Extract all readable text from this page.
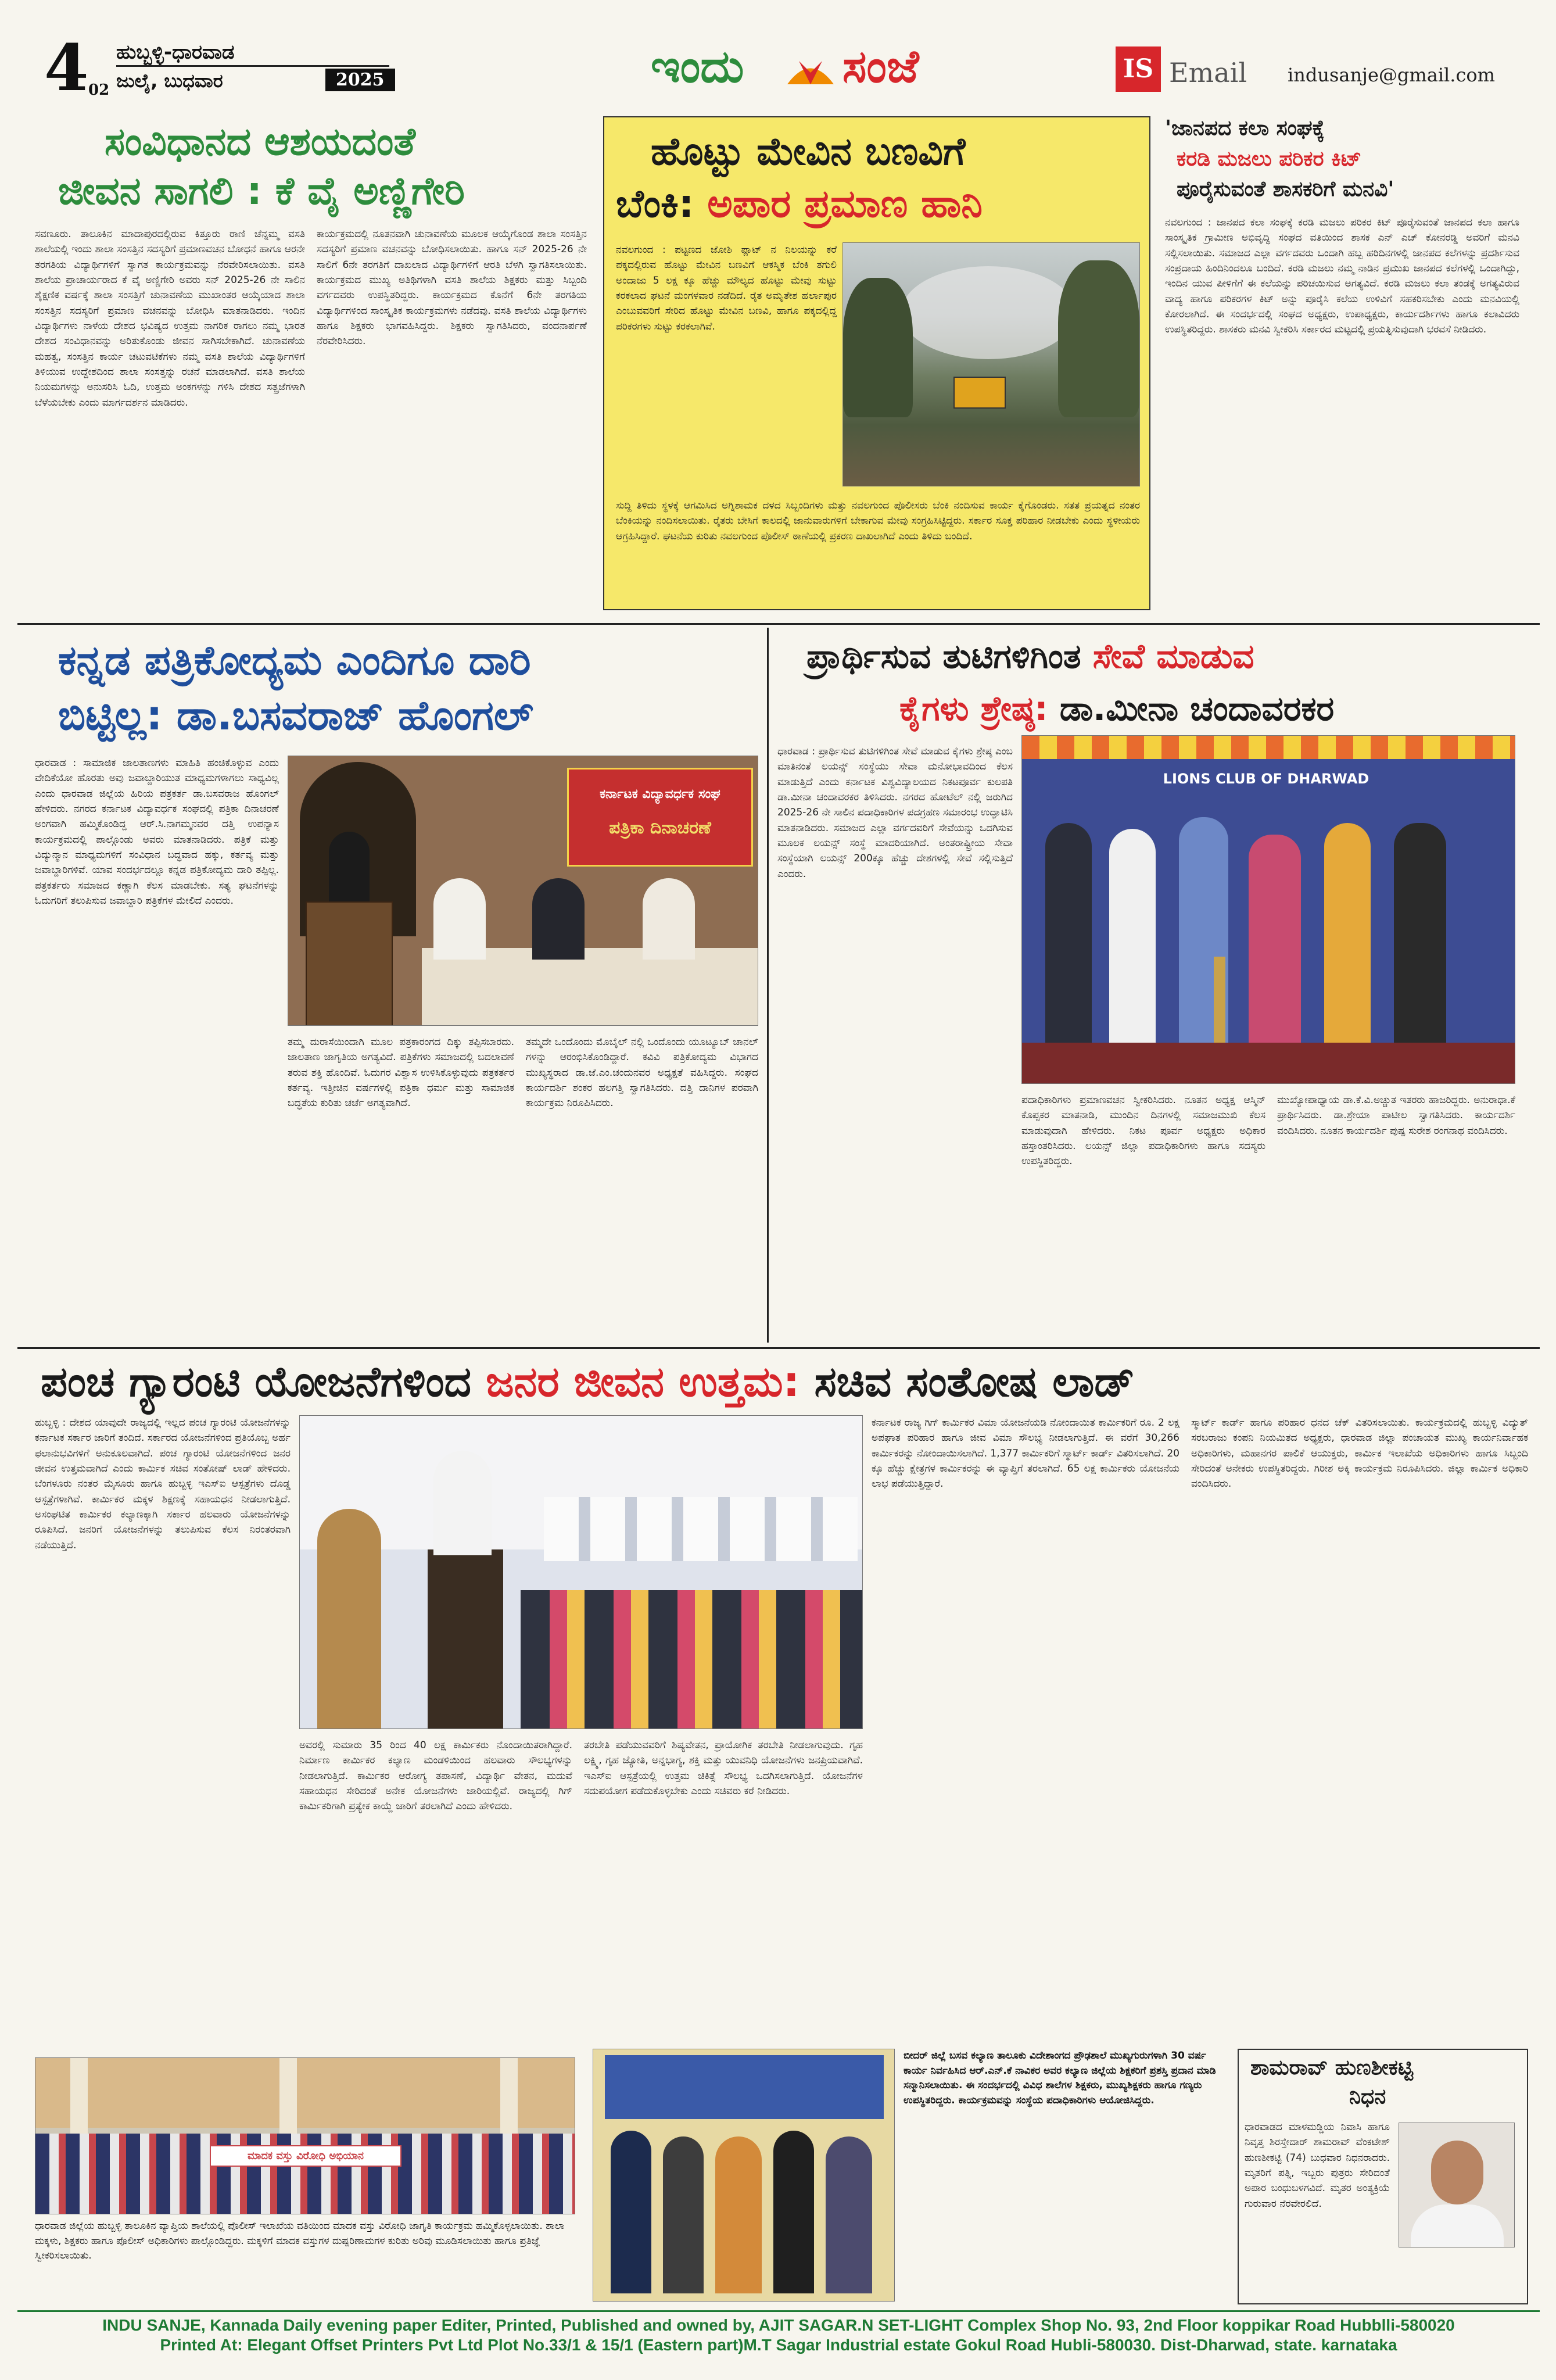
4 02
ಹುಬ್ಬಳ್ಳಿ-ಧಾರವಾಡ
ಜುಲೈ, ಬುಧವಾರ	2025	ಇಂದು ಸಂಜೆ	IS Email indusanje@gmail.com
ಸಂವಿಧಾನದ ಆಶಯದಂತೆ
ಜೀವನ ಸಾಗಲಿ : ಕೆ ವೈ ಅಣ್ಣಿಗೇರಿ
ಸವಣೂರು. ತಾಲೂಕಿನ ಮಾದಾಪುರದಲ್ಲಿರುವ ಕಿತ್ತೂರು ರಾಣಿ ಚೆನ್ನಮ್ಮ ವಸತಿ ಶಾಲೆಯಲ್ಲಿ ಇಂದು ಶಾಲಾ ಸಂಸತ್ತಿನ ಸದಸ್ಯರಿಗೆ ಪ್ರಮಾಣವಚನ ಬೋಧನೆ ಹಾಗೂ ಆರನೇ ತರಗತಿಯ ವಿದ್ಯಾರ್ಥಿಗಳಿಗೆ ಸ್ವಾಗತ ಕಾರ್ಯಕ್ರಮವನ್ನು ನೆರವೇರಿಸಲಾಯಿತು. ವಸತಿ ಶಾಲೆಯ ಪ್ರಾಚಾರ್ಯರಾದ ಕೆ ವೈ ಅಣ್ಣಿಗೇರಿ ಅವರು ಸನ್ 2025-26 ನೇ ಸಾಲಿನ ಶೈಕ್ಷಣಿಕ ವರ್ಷಕ್ಕೆ ಶಾಲಾ ಸಂಸತ್ತಿಗೆ ಚುನಾವಣೆಯ ಮುಖಾಂತರ ಆಯ್ಕೆಯಾದ ಶಾಲಾ ಸಂಸತ್ತಿನ ಸದಸ್ಯರಿಗೆ ಪ್ರಮಾಣ ವಚನವನ್ನು ಬೋಧಿಸಿ ಮಾತನಾಡಿದರು. ಇಂದಿನ ವಿದ್ಯಾರ್ಥಿಗಳು ನಾಳೆಯ ದೇಶದ ಭವಿಷ್ಯದ ಉತ್ತಮ ನಾಗರಿಕ ರಾಗಲು ನಮ್ಮ ಭಾರತ ದೇಶದ ಸಂವಿಧಾನವನ್ನು ಅರಿತುಕೊಂಡು ಜೀವನ ಸಾಗಿಸಬೇಕಾಗಿದೆ. ಚುನಾವಣೆಯ ಮಹತ್ವ, ಸಂಸತ್ತಿನ ಕಾರ್ಯ ಚಟುವಟಿಕೆಗಳು ನಮ್ಮ ವಸತಿ ಶಾಲೆಯ ವಿದ್ಯಾರ್ಥಿಗಳಿಗೆ ತಿಳಿಯುವ ಉದ್ದೇಶದಿಂದ ಶಾಲಾ ಸಂಸತ್ತನ್ನು ರಚನೆ ಮಾಡಲಾಗಿದೆ. ವಸತಿ ಶಾಲೆಯ ನಿಯಮಗಳನ್ನು ಅನುಸರಿಸಿ ಓದಿ, ಉತ್ತಮ ಅಂಕಗಳನ್ನು ಗಳಿಸಿ ದೇಶದ ಸತ್ಪ್ರಜೆಗಳಾಗಿ ಬೆಳೆಯಬೇಕು ಎಂದು ಮಾರ್ಗದರ್ಶನ ಮಾಡಿದರು.
ಕಾರ್ಯಕ್ರಮದಲ್ಲಿ ನೂತನವಾಗಿ ಚುನಾವಣೆಯ ಮೂಲಕ ಆಯ್ಕೆಗೊಂಡ ಶಾಲಾ ಸಂಸತ್ತಿನ ಸದಸ್ಯರಿಗೆ ಪ್ರಮಾಣ ವಚನವನ್ನು ಬೋಧಿಸಲಾಯಿತು. ಹಾಗೂ ಸನ್ 2025-26 ನೇ ಸಾಲಿಗೆ 6ನೇ ತರಗತಿಗೆ ದಾಖಲಾದ ವಿದ್ಯಾರ್ಥಿಗಳಿಗೆ ಆರತಿ ಬೆಳಗಿ ಸ್ವಾಗತಿಸಲಾಯಿತು. ಕಾರ್ಯಕ್ರಮದ ಮುಖ್ಯ ಅತಿಥಿಗಳಾಗಿ ವಸತಿ ಶಾಲೆಯ ಶಿಕ್ಷಕರು ಮತ್ತು ಸಿಬ್ಬಂದಿ ವರ್ಗದವರು ಉಪಸ್ಥಿತರಿದ್ದರು. ಕಾರ್ಯಕ್ರಮದ ಕೊನೆಗೆ 6ನೇ ತರಗತಿಯ ವಿದ್ಯಾರ್ಥಿಗಳಿಂದ ಸಾಂಸ್ಕೃತಿಕ ಕಾರ್ಯಕ್ರಮಗಳು ನಡೆದವು. ವಸತಿ ಶಾಲೆಯ ವಿದ್ಯಾರ್ಥಿಗಳು ಹಾಗೂ ಶಿಕ್ಷಕರು ಭಾಗವಹಿಸಿದ್ದರು. ಶಿಕ್ಷಕರು ಸ್ವಾಗತಿಸಿದರು, ವಂದನಾರ್ಪಣೆ ನೆರವೇರಿಸಿದರು.
ಹೊಟ್ಟು ಮೇವಿನ ಬಣವಿಗೆ
ಬೆಂಕಿ: ಅಪಾರ ಪ್ರಮಾಣ ಹಾನಿ
ನವಲಗುಂದ : ಪಟ್ಟಣದ ಜೋಶಿ ಪ್ಲಾಟ್ ನ ನಿಲಯನ್ನು ಕರೆ ಪಕ್ಕದಲ್ಲಿರುವ ಹೊಟ್ಟು ಮೇವಿನ ಬಣವಿಗೆ ಆಕಸ್ಮಿಕ ಬೆಂಕಿ ತಗುಲಿ ಅಂದಾಜು 5 ಲಕ್ಷ ಕ್ಕೂ ಹೆಚ್ಚು ಮೌಲ್ಯದ ಹೊಟ್ಟು ಮೇವು ಸುಟ್ಟು ಕರಕಲಾದ ಘಟನೆ ಮಂಗಳವಾರ ನಡೆದಿದೆ. ರೈತ ಅಮೃತೇಶ ಹರ್ಲಾಪುರ ಎಂಬುವವರಿಗೆ ಸೇರಿದ ಹೊಟ್ಟು ಮೇವಿನ ಬಣವಿ, ಹಾಗೂ ಪಕ್ಕದಲ್ಲಿದ್ದ ಪರಿಕರಗಳು ಸುಟ್ಟು ಕರಕಲಾಗಿವೆ.
ಸುದ್ದಿ ತಿಳಿದು ಸ್ಥಳಕ್ಕೆ ಆಗಮಿಸಿದ ಅಗ್ನಿಶಾಮಕ ದಳದ ಸಿಬ್ಬಂದಿಗಳು ಮತ್ತು ನವಲಗುಂದ ಪೊಲೀಸರು ಬೆಂಕಿ ನಂದಿಸುವ ಕಾರ್ಯ ಕೈಗೊಂಡರು. ಸತತ ಪ್ರಯತ್ನದ ನಂತರ ಬೆಂಕಿಯನ್ನು ನಂದಿಸಲಾಯಿತು. ರೈತರು ಬೇಸಿಗೆ ಕಾಲದಲ್ಲಿ ಜಾನುವಾರುಗಳಿಗೆ ಬೇಕಾಗುವ ಮೇವು ಸಂಗ್ರಹಿಸಿಟ್ಟಿದ್ದರು. ಸರ್ಕಾರ ಸೂಕ್ತ ಪರಿಹಾರ ನೀಡಬೇಕು ಎಂದು ಸ್ಥಳೀಯರು ಆಗ್ರಹಿಸಿದ್ದಾರೆ. ಘಟನೆಯ ಕುರಿತು ನವಲಗುಂದ ಪೊಲೀಸ್ ಠಾಣೆಯಲ್ಲಿ ಪ್ರಕರಣ ದಾಖಲಾಗಿದೆ ಎಂದು ತಿಳಿದು ಬಂದಿದೆ.
'ಜಾನಪದ ಕಲಾ ಸಂಘಕ್ಕೆ
ಕರಡಿ ಮಜಲು ಪರಿಕರ ಕಿಟ್
ಪೂರೈಸುವಂತೆ ಶಾಸಕರಿಗೆ ಮನವಿ'
ನವಲಗುಂದ : ಜಾನಪದ ಕಲಾ ಸಂಘಕ್ಕೆ ಕರಡಿ ಮಜಲು ಪರಿಕರ ಕಿಟ್ ಪೂರೈಸುವಂತೆ ಜಾನಪದ ಕಲಾ ಹಾಗೂ ಸಾಂಸ್ಕೃತಿಕ ಗ್ರಾಮೀಣ ಅಭಿವೃದ್ಧಿ ಸಂಘದ ವತಿಯಿಂದ ಶಾಸಕ ಎನ್ ಎಚ್ ಕೋನರಡ್ಡಿ ಅವರಿಗೆ ಮನವಿ ಸಲ್ಲಿಸಲಾಯಿತು. ಸಮಾಜದ ಎಲ್ಲಾ ವರ್ಗದವರು ಒಂದಾಗಿ ಹಬ್ಬ ಹರಿದಿನಗಳಲ್ಲಿ ಜಾನಪದ ಕಲೆಗಳನ್ನು ಪ್ರದರ್ಶಿಸುವ ಸಂಪ್ರದಾಯ ಹಿಂದಿನಿಂದಲೂ ಬಂದಿದೆ. ಕರಡಿ ಮಜಲು ನಮ್ಮ ನಾಡಿನ ಪ್ರಮುಖ ಜಾನಪದ ಕಲೆಗಳಲ್ಲಿ ಒಂದಾಗಿದ್ದು, ಇಂದಿನ ಯುವ ಪೀಳಿಗೆಗೆ ಈ ಕಲೆಯನ್ನು ಪರಿಚಯಿಸುವ ಅಗತ್ಯವಿದೆ. ಕರಡಿ ಮಜಲು ಕಲಾ ತಂಡಕ್ಕೆ ಅಗತ್ಯವಿರುವ ವಾದ್ಯ ಹಾಗೂ ಪರಿಕರಗಳ ಕಿಟ್ ಅನ್ನು ಪೂರೈಸಿ ಕಲೆಯ ಉಳಿವಿಗೆ ಸಹಕರಿಸಬೇಕು ಎಂದು ಮನವಿಯಲ್ಲಿ ಕೋರಲಾಗಿದೆ. ಈ ಸಂದರ್ಭದಲ್ಲಿ ಸಂಘದ ಅಧ್ಯಕ್ಷರು, ಉಪಾಧ್ಯಕ್ಷರು, ಕಾರ್ಯದರ್ಶಿಗಳು ಹಾಗೂ ಕಲಾವಿದರು ಉಪಸ್ಥಿತರಿದ್ದರು. ಶಾಸಕರು ಮನವಿ ಸ್ವೀಕರಿಸಿ ಸರ್ಕಾರದ ಮಟ್ಟದಲ್ಲಿ ಪ್ರಯತ್ನಿಸುವುದಾಗಿ ಭರವಸೆ ನೀಡಿದರು.
ಕನ್ನಡ ಪತ್ರಿಕೋದ್ಯಮ ಎಂದಿಗೂ ದಾರಿ
ಬಿಟ್ಟಿಲ್ಲ: ಡಾ.ಬಸವರಾಜ್ ಹೊಂಗಲ್
ಧಾರವಾಡ : ಸಾಮಾಜಿಕ ಜಾಲತಾಣಗಳು ಮಾಹಿತಿ ಹಂಚಿಕೊಳ್ಳುವ ಎಂದು ವೇದಿಕೆಯೋ ಹೊರತು ಅವು ಜವಾಬ್ದಾರಿಯುತ ಮಾಧ್ಯಮಗಳಾಗಲು ಸಾಧ್ಯವಿಲ್ಲ ಎಂದು ಧಾರವಾಡ ಜಿಲ್ಲೆಯ ಹಿರಿಯ ಪತ್ರಕರ್ತ ಡಾ.ಬಸವರಾಜ ಹೊಂಗಲ್ ಹೇಳಿದರು. ನಗರದ ಕರ್ನಾಟಕ ವಿದ್ಯಾವರ್ಧಕ ಸಂಘದಲ್ಲಿ ಪತ್ರಿಕಾ ದಿನಾಚರಣೆ ಅಂಗವಾಗಿ ಹಮ್ಮಿಕೊಂಡಿದ್ದ ಆರ್.ಸಿ.ನಾಗಮ್ಮನವರ ದತ್ತಿ ಉಪನ್ಯಾಸ ಕಾರ್ಯಕ್ರಮದಲ್ಲಿ ಪಾಲ್ಗೊಂಡು ಅವರು ಮಾತನಾಡಿದರು. ಪತ್ರಿಕೆ ಮತ್ತು ವಿದ್ಯುನ್ಮಾನ ಮಾಧ್ಯಮಗಳಿಗೆ ಸಂವಿಧಾನ ಬದ್ಧವಾದ ಹಕ್ಕು, ಕರ್ತವ್ಯ ಮತ್ತು ಜವಾಬ್ದಾರಿಗಳಿವೆ. ಯಾವ ಸಂದರ್ಭದಲ್ಲೂ ಕನ್ನಡ ಪತ್ರಿಕೋದ್ಯಮ ದಾರಿ ತಪ್ಪಿಲ್ಲ. ಪತ್ರಕರ್ತರು ಸಮಾಜದ ಕಣ್ಣಾಗಿ ಕೆಲಸ ಮಾಡಬೇಕು. ಸತ್ಯ ಘಟನೆಗಳನ್ನು ಓದುಗರಿಗೆ ತಲುಪಿಸುವ ಜವಾಬ್ದಾರಿ ಪತ್ರಿಕೆಗಳ ಮೇಲಿದೆ ಎಂದರು.
ಕರ್ನಾಟಕ ವಿದ್ಯಾವರ್ಧಕ ಸಂಘ
ಪತ್ರಿಕಾ ದಿನಾಚರಣೆ
ತಮ್ಮ ದುರಾಸೆಯಿಂದಾಗಿ ಮೂಲ ಪತ್ರಕಾರಂಗದ ದಿಕ್ಕು ತಪ್ಪಿಸಬಾರದು. ಜಾಲತಾಣ ಜಾಗೃತಿಯ ಅಗತ್ಯವಿದೆ. ಪತ್ರಿಕೆಗಳು ಸಮಾಜದಲ್ಲಿ ಬದಲಾವಣೆ ತರುವ ಶಕ್ತಿ ಹೊಂದಿವೆ. ಓದುಗರ ವಿಶ್ವಾಸ ಉಳಿಸಿಕೊಳ್ಳುವುದು ಪತ್ರಕರ್ತರ ಕರ್ತವ್ಯ. ಇತ್ತೀಚಿನ ವರ್ಷಗಳಲ್ಲಿ ಪತ್ರಿಕಾ ಧರ್ಮ ಮತ್ತು ಸಾಮಾಜಿಕ ಬದ್ಧತೆಯ ಕುರಿತು ಚರ್ಚೆ ಅಗತ್ಯವಾಗಿದೆ.
ತಮ್ಮದೇ ಒಂದೊಂದು ಮೊಬೈಲ್ ನಲ್ಲಿ ಒಂದೊಂದು ಯೂಟ್ಯೂಬ್ ಚಾನಲ್ ಗಳನ್ನು ಆರಂಭಿಸಿಕೊಂಡಿದ್ದಾರೆ. ಕವಿವಿ ಪತ್ರಿಕೋದ್ಯಮ ವಿಭಾಗದ ಮುಖ್ಯಸ್ಥರಾದ ಡಾ.ಜೆ.ಎಂ.ಚಂದುನವರ ಅಧ್ಯಕ್ಷತೆ ವಹಿಸಿದ್ದರು. ಸಂಘದ ಕಾರ್ಯದರ್ಶಿ ಶಂಕರ ಹಲಗತ್ತಿ ಸ್ವಾಗತಿಸಿದರು. ದತ್ತಿ ದಾನಿಗಳ ಪರವಾಗಿ ಕಾರ್ಯಕ್ರಮ ನಿರೂಪಿಸಿದರು.
ಪ್ರಾರ್ಥಿಸುವ ತುಟಿಗಳಿಗಿಂತ ಸೇವೆ ಮಾಡುವ
ಕೈಗಳು ಶ್ರೇಷ್ಠ: ಡಾ.ಮೀನಾ ಚಂದಾವರಕರ
ಧಾರವಾಡ : ಪ್ರಾರ್ಥಿಸುವ ತುಟಿಗಳಿಗಿಂತ ಸೇವೆ ಮಾಡುವ ಕೈಗಳು ಶ್ರೇಷ್ಠ ಎಂಬ ಮಾತಿನಂತೆ ಲಯನ್ಸ್ ಸಂಸ್ಥೆಯು ಸೇವಾ ಮನೋಭಾವದಿಂದ ಕೆಲಸ ಮಾಡುತ್ತಿದೆ ಎಂದು ಕರ್ನಾಟಕ ವಿಶ್ವವಿದ್ಯಾಲಯದ ನಿಕಟಪೂರ್ವ ಕುಲಪತಿ ಡಾ.ಮೀನಾ ಚಂದಾವರಕರ ತಿಳಿಸಿದರು. ನಗರದ ಹೋಟೆಲ್ ನಲ್ಲಿ ಜರುಗಿದ 2025-26 ನೇ ಸಾಲಿನ ಪದಾಧಿಕಾರಿಗಳ ಪದಗ್ರಹಣ ಸಮಾರಂಭ ಉದ್ಘಾಟಿಸಿ ಮಾತನಾಡಿದರು. ಸಮಾಜದ ಎಲ್ಲಾ ವರ್ಗದವರಿಗೆ ಸೇವೆಯನ್ನು ಒದಗಿಸುವ ಮೂಲಕ ಲಯನ್ಸ್ ಸಂಸ್ಥೆ ಮಾದರಿಯಾಗಿದೆ. ಅಂತರಾಷ್ಟ್ರೀಯ ಸೇವಾ ಸಂಸ್ಥೆಯಾಗಿ ಲಯನ್ಸ್ 200ಕ್ಕೂ ಹೆಚ್ಚು ದೇಶಗಳಲ್ಲಿ ಸೇವೆ ಸಲ್ಲಿಸುತ್ತಿದೆ ಎಂದರು.
LIONS CLUB OF DHARWAD
ಪದಾಧಿಕಾರಿಗಳು ಪ್ರಮಾಣವಚನ ಸ್ವೀಕರಿಸಿದರು. ನೂತನ ಅಧ್ಯಕ್ಷ ಆಸ್ಮಿನ್ ಕೊಪ್ಪಕರ ಮಾತನಾಡಿ, ಮುಂದಿನ ದಿನಗಳಲ್ಲಿ ಸಮಾಜಮುಖಿ ಕೆಲಸ ಮಾಡುವುದಾಗಿ ಹೇಳಿದರು. ನಿಕಟ ಪೂರ್ವ ಅಧ್ಯಕ್ಷರು ಅಧಿಕಾರ ಹಸ್ತಾಂತರಿಸಿದರು. ಲಯನ್ಸ್ ಜಿಲ್ಲಾ ಪದಾಧಿಕಾರಿಗಳು ಹಾಗೂ ಸದಸ್ಯರು ಉಪಸ್ಥಿತರಿದ್ದರು.
ಮುಖ್ಯೋಪಾಧ್ಯಾಯ ಡಾ.ಕೆ.ವಿ.ಅಚ್ಚುತ ಇತರರು ಹಾಜರಿದ್ದರು. ಅನುರಾಧಾ.ಕೆ ಪ್ರಾರ್ಥಿಸಿದರು. ಡಾ.ಶ್ರೇಯಾ ಪಾಟೀಲ ಸ್ವಾಗತಿಸಿದರು. ಕಾರ್ಯದರ್ಶಿ ವಂದಿಸಿದರು. ನೂತನ ಕಾರ್ಯದರ್ಶಿ ಪುಷ್ಪ ಸುರೇಶ ರಂಗನಾಥ ವಂದಿಸಿದರು.
ಪಂಚ ಗ್ಯಾರಂಟಿ ಯೋಜನೆಗಳಿಂದ ಜನರ ಜೀವನ ಉತ್ತಮ: ಸಚಿವ ಸಂತೋಷ ಲಾಡ್
ಹುಬ್ಬಳ್ಳಿ : ದೇಶದ ಯಾವುದೇ ರಾಜ್ಯದಲ್ಲಿ ಇಲ್ಲದ ಪಂಚ ಗ್ಯಾರಂಟಿ ಯೋಜನೆಗಳನ್ನು ಕರ್ನಾಟಕ ಸರ್ಕಾರ ಜಾರಿಗೆ ತಂದಿದೆ. ಸರ್ಕಾರದ ಯೋಜನೆಗಳಿಂದ ಪ್ರತಿಯೊಬ್ಬ ಅರ್ಹ ಫಲಾನುಭವಿಗಳಿಗೆ ಅನುಕೂಲವಾಗಿದೆ. ಪಂಚ ಗ್ಯಾರಂಟಿ ಯೋಜನೆಗಳಿಂದ ಜನರ ಜೀವನ ಉತ್ತಮವಾಗಿದೆ ಎಂದು ಕಾರ್ಮಿಕ ಸಚಿವ ಸಂತೋಷ್ ಲಾಡ್ ಹೇಳಿದರು. ಬೆಂಗಳೂರು ನಂತರ ಮೈಸೂರು ಹಾಗೂ ಹುಬ್ಬಳ್ಳಿ ಇಎಸ್ಐ ಆಸ್ಪತ್ರೆಗಳು ದೊಡ್ಡ ಆಸ್ಪತ್ರೆಗಳಾಗಿವೆ. ಕಾರ್ಮಿಕರ ಮಕ್ಕಳ ಶಿಕ್ಷಣಕ್ಕೆ ಸಹಾಯಧನ ನೀಡಲಾಗುತ್ತಿದೆ. ಅಸಂಘಟಿತ ಕಾರ್ಮಿಕರ ಕಲ್ಯಾಣಕ್ಕಾಗಿ ಸರ್ಕಾರ ಹಲವಾರು ಯೋಜನೆಗಳನ್ನು ರೂಪಿಸಿದೆ. ಜನರಿಗೆ ಯೋಜನೆಗಳನ್ನು ತಲುಪಿಸುವ ಕೆಲಸ ನಿರಂತರವಾಗಿ ನಡೆಯುತ್ತಿದೆ.
ಅವರಲ್ಲಿ ಸುಮಾರು 35 ರಿಂದ 40 ಲಕ್ಷ ಕಾರ್ಮಿಕರು ನೊಂದಾಯಿತರಾಗಿದ್ದಾರೆ. ನಿರ್ಮಾಣ ಕಾರ್ಮಿಕರ ಕಲ್ಯಾಣ ಮಂಡಳಿಯಿಂದ ಹಲವಾರು ಸೌಲಭ್ಯಗಳನ್ನು ನೀಡಲಾಗುತ್ತಿದೆ. ಕಾರ್ಮಿಕರ ಆರೋಗ್ಯ ತಪಾಸಣೆ, ವಿದ್ಯಾರ್ಥಿ ವೇತನ, ಮದುವೆ ಸಹಾಯಧನ ಸೇರಿದಂತೆ ಅನೇಕ ಯೋಜನೆಗಳು ಜಾರಿಯಲ್ಲಿವೆ. ರಾಜ್ಯದಲ್ಲಿ ಗಿಗ್ ಕಾರ್ಮಿಕರಿಗಾಗಿ ಪ್ರತ್ಯೇಕ ಕಾಯ್ದೆ ಜಾರಿಗೆ ತರಲಾಗಿದೆ ಎಂದು ಹೇಳಿದರು.
ಕರ್ನಾಟಕ ರಾಜ್ಯ ಗಿಗ್ ಕಾರ್ಮಿಕರ ವಿಮಾ ಯೋಜನೆಯಡಿ ನೋಂದಾಯಿತ ಕಾರ್ಮಿಕರಿಗೆ ರೂ. 2 ಲಕ್ಷ ಅಪಘಾತ ಪರಿಹಾರ ಹಾಗೂ ಜೀವ ವಿಮಾ ಸೌಲಭ್ಯ ನೀಡಲಾಗುತ್ತಿದೆ. ಈ ವರೆಗೆ 30,266 ಕಾರ್ಮಿಕರನ್ನು ನೋಂದಾಯಿಸಲಾಗಿದೆ. 1,377 ಕಾರ್ಮಿಕರಿಗೆ ಸ್ಮಾರ್ಟ್ ಕಾರ್ಡ್ ವಿತರಿಸಲಾಗಿದೆ. 20 ಕ್ಕೂ ಹೆಚ್ಚು ಕ್ಷೇತ್ರಗಳ ಕಾರ್ಮಿಕರನ್ನು ಈ ವ್ಯಾಪ್ತಿಗೆ ತರಲಾಗಿದೆ. 65 ಲಕ್ಷ ಕಾರ್ಮಿಕರು ಯೋಜನೆಯ ಲಾಭ ಪಡೆಯುತ್ತಿದ್ದಾರೆ.
ತರಬೇತಿ ಪಡೆಯುವವರಿಗೆ ಶಿಷ್ಯವೇತನ, ಪ್ರಾಯೋಗಿಕ ತರಬೇತಿ ನೀಡಲಾಗುವುದು. ಗೃಹ ಲಕ್ಷ್ಮಿ, ಗೃಹ ಜ್ಯೋತಿ, ಅನ್ನಭಾಗ್ಯ, ಶಕ್ತಿ ಮತ್ತು ಯುವನಿಧಿ ಯೋಜನೆಗಳು ಜನಪ್ರಿಯವಾಗಿವೆ. ಇಎಸ್ಐ ಆಸ್ಪತ್ರೆಯಲ್ಲಿ ಉತ್ತಮ ಚಿಕಿತ್ಸೆ ಸೌಲಭ್ಯ ಒದಗಿಸಲಾಗುತ್ತಿದೆ. ಯೋಜನೆಗಳ ಸದುಪಯೋಗ ಪಡೆದುಕೊಳ್ಳಬೇಕು ಎಂದು ಸಚಿವರು ಕರೆ ನೀಡಿದರು.
ಸ್ಮಾರ್ಟ್ ಕಾರ್ಡ್ ಹಾಗೂ ಪರಿಹಾರ ಧನದ ಚೆಕ್ ವಿತರಿಸಲಾಯಿತು. ಕಾರ್ಯಕ್ರಮದಲ್ಲಿ ಹುಬ್ಬಳ್ಳಿ ವಿದ್ಯುತ್ ಸರಬರಾಜು ಕಂಪನಿ ನಿಯಮಿತದ ಅಧ್ಯಕ್ಷರು, ಧಾರವಾಡ ಜಿಲ್ಲಾ ಪಂಚಾಯತ ಮುಖ್ಯ ಕಾರ್ಯನಿರ್ವಾಹಕ ಅಧಿಕಾರಿಗಳು, ಮಹಾನಗರ ಪಾಲಿಕೆ ಆಯುಕ್ತರು, ಕಾರ್ಮಿಕ ಇಲಾಖೆಯ ಅಧಿಕಾರಿಗಳು ಹಾಗೂ ಸಿಬ್ಬಂದಿ ಸೇರಿದಂತೆ ಅನೇಕರು ಉಪಸ್ಥಿತರಿದ್ದರು. ಗಿರೀಶ ಅಕ್ಕಿ ಕಾರ್ಯಕ್ರಮ ನಿರೂಪಿಸಿದರು. ಜಿಲ್ಲಾ ಕಾರ್ಮಿಕ ಅಧಿಕಾರಿ ವಂದಿಸಿದರು.
ಮಾದಕ ವಸ್ತು ವಿರೋಧಿ ಅಭಿಯಾನ
ಧಾರವಾಡ ಜಿಲ್ಲೆಯ ಹುಬ್ಬಳ್ಳಿ ತಾಲೂಕಿನ ವ್ಯಾಪ್ತಿಯ ಶಾಲೆಯಲ್ಲಿ ಪೊಲೀಸ್ ಇಲಾಖೆಯ ವತಿಯಿಂದ ಮಾದಕ ವಸ್ತು ವಿರೋಧಿ ಜಾಗೃತಿ ಕಾರ್ಯಕ್ರಮ ಹಮ್ಮಿಕೊಳ್ಳಲಾಯಿತು. ಶಾಲಾ ಮಕ್ಕಳು, ಶಿಕ್ಷಕರು ಹಾಗೂ ಪೊಲೀಸ್ ಅಧಿಕಾರಿಗಳು ಪಾಲ್ಗೊಂಡಿದ್ದರು. ಮಕ್ಕಳಿಗೆ ಮಾದಕ ವಸ್ತುಗಳ ದುಷ್ಪರಿಣಾಮಗಳ ಕುರಿತು ಅರಿವು ಮೂಡಿಸಲಾಯಿತು ಹಾಗೂ ಪ್ರತಿಜ್ಞೆ ಸ್ವೀಕರಿಸಲಾಯಿತು.
ಬೀದರ್ ಜಿಲ್ಲೆ ಬಸವ ಕಲ್ಯಾಣ ತಾಲೂಕು ವಿದೇಶಾಂಗದ ಪ್ರೌಢಶಾಲೆ ಮುಖ್ಯಗುರುಗಳಾಗಿ 30 ವರ್ಷ ಕಾರ್ಯ ನಿರ್ವಹಿಸಿದ ಆರ್.ಎನ್.ಕೆ ನಾವಿಕರ ಅವರ ಕಲ್ಯಾಣ ಜಿಲ್ಲೆಯ ಶಿಕ್ಷಕರಿಗೆ ಪ್ರಶಸ್ತಿ ಪ್ರದಾನ ಮಾಡಿ ಸನ್ಮಾನಿಸಲಾಯಿತು. ಈ ಸಂದರ್ಭದಲ್ಲಿ ವಿವಿಧ ಶಾಲೆಗಳ ಶಿಕ್ಷಕರು, ಮುಖ್ಯಶಿಕ್ಷಕರು ಹಾಗೂ ಗಣ್ಯರು ಉಪಸ್ಥಿತರಿದ್ದರು. ಕಾರ್ಯಕ್ರಮವನ್ನು ಸಂಸ್ಥೆಯ ಪದಾಧಿಕಾರಿಗಳು ಆಯೋಜಿಸಿದ್ದರು.
ಶಾಮರಾವ್ ಹುಣಶೀಕಟ್ಟಿ
ನಿಧನ
ಧಾರವಾಡದ ಮಾಳಮಡ್ಡಿಯ ನಿವಾಸಿ ಹಾಗೂ ನಿವೃತ್ತ ಶಿರಸ್ತೇದಾರ್ ಶಾಮರಾವ್ ವೆಂಕಟೇಶ್ ಹುಣಶೀಕಟ್ಟಿ (74) ಬುಧವಾರ ನಿಧನರಾದರು. ಮೃತರಿಗೆ ಪತ್ನಿ, ಇಬ್ಬರು ಪುತ್ರರು ಸೇರಿದಂತೆ ಅಪಾರ ಬಂಧುಬಳಗವಿದೆ. ಮೃತರ ಅಂತ್ಯಕ್ರಿಯೆ ಗುರುವಾರ ನೆರವೇರಲಿದೆ.
INDU SANJE, Kannada Daily evening paper Editer, Printed, Published and owned by, AJIT SAGAR.N SET-LIGHT Complex Shop No. 93, 2nd Floor koppikar Road Hubblli-580020
Printed At: Elegant Offset Printers Pvt Ltd Plot No.33/1 & 15/1 (Eastern part)M.T Sagar Industrial estate Gokul Road Hubli-580030. Dist-Dharwad, state. karnataka
